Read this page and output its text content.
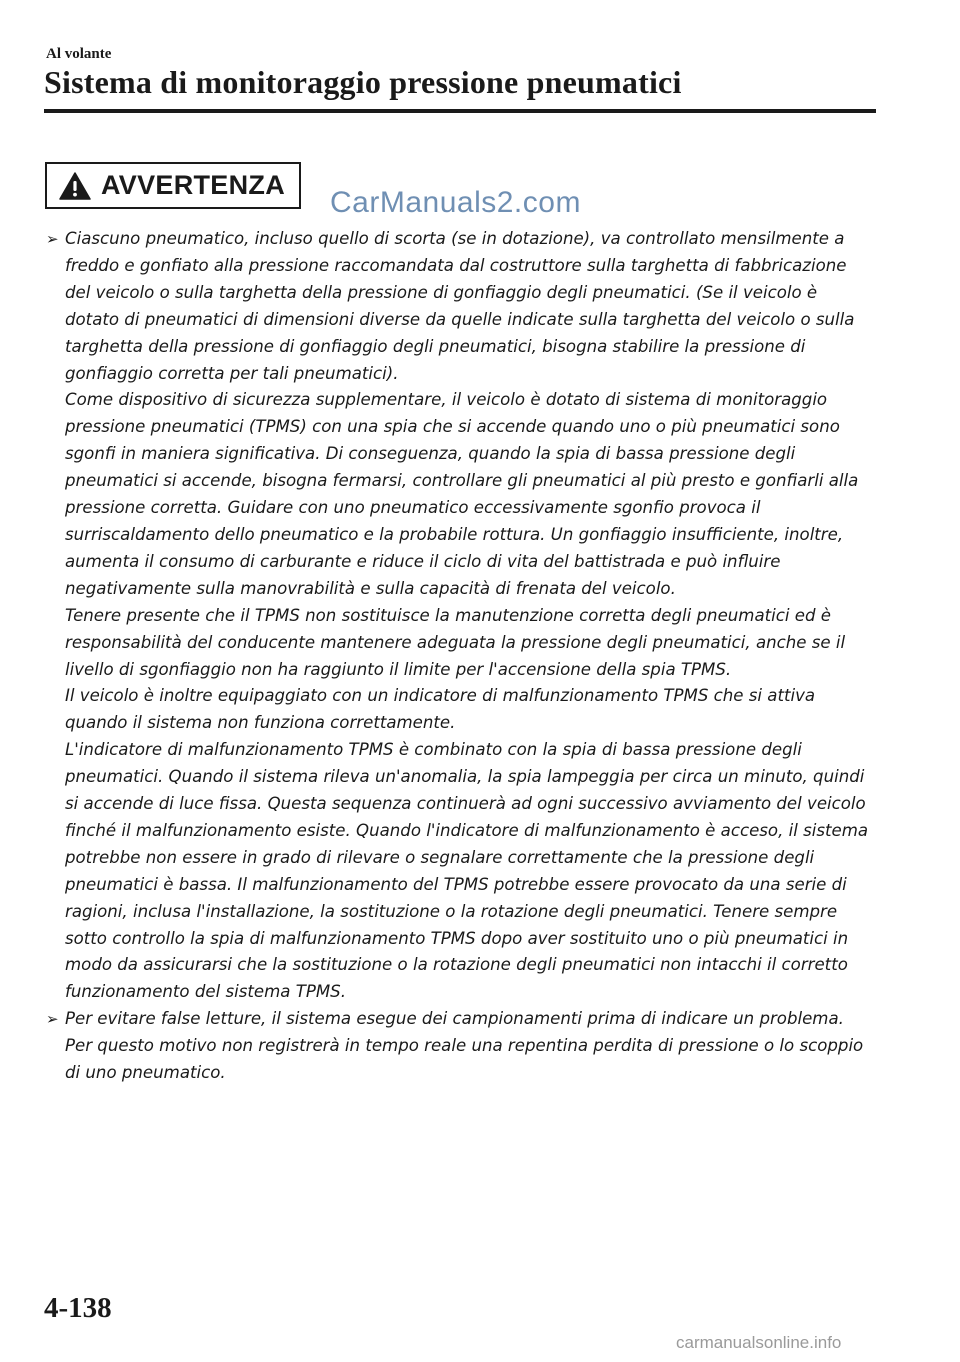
Al volante
Sistema di monitoraggio pressione pneumatici
AVVERTENZA
CarManuals2.com
➢ Ciascuno pneumatico, incluso quello di scorta (se in dotazione), va controllato mensilmente a freddo e gonfiato alla pressione raccomandata dal costruttore sulla targhetta di fabbricazione del veicolo o sulla targhetta della pressione di gonfiaggio degli pneumatici. (Se il veicolo è dotato di pneumatici di dimensioni diverse da quelle indicate sulla targhetta del veicolo o sulla targhetta della pressione di gonfiaggio degli pneumatici, bisogna stabilire la pressione di gonfiaggio corretta per tali pneumatici).

Come dispositivo di sicurezza supplementare, il veicolo è dotato di sistema di monitoraggio pressione pneumatici (TPMS) con una spia che si accende quando uno o più pneumatici sono sgonfi in maniera significativa. Di conseguenza, quando la spia di bassa pressione degli pneumatici si accende, bisogna fermarsi, controllare gli pneumatici al più presto e gonfiarli alla pressione corretta. Guidare con uno pneumatico eccessivamente sgonfio provoca il surriscaldamento dello pneumatico e la probabile rottura. Un gonfiaggio insufficiente, inoltre, aumenta il consumo di carburante e riduce il ciclo di vita del battistrada e può influire negativamente sulla manovrabilità e sulla capacità di frenata del veicolo.

Tenere presente che il TPMS non sostituisce la manutenzione corretta degli pneumatici ed è responsabilità del conducente mantenere adeguata la pressione degli pneumatici, anche se il livello di sgonfiaggio non ha raggiunto il limite per l'accensione della spia TPMS.

Il veicolo è inoltre equipaggiato con un indicatore di malfunzionamento TPMS che si attiva quando il sistema non funziona correttamente.

L'indicatore di malfunzionamento TPMS è combinato con la spia di bassa pressione degli pneumatici. Quando il sistema rileva un'anomalia, la spia lampeggia per circa un minuto, quindi si accende di luce fissa. Questa sequenza continuerà ad ogni successivo avviamento del veicolo finché il malfunzionamento esiste. Quando l'indicatore di malfunzionamento è acceso, il sistema potrebbe non essere in grado di rilevare o segnalare correttamente che la pressione degli pneumatici è bassa. Il malfunzionamento del TPMS potrebbe essere provocato da una serie di ragioni, inclusa l'installazione, la sostituzione o la rotazione degli pneumatici. Tenere sempre sotto controllo la spia di malfunzionamento TPMS dopo aver sostituito uno o più pneumatici in modo da assicurarsi che la sostituzione o la rotazione degli pneumatici non intacchi il corretto funzionamento del sistema TPMS.

➢ Per evitare false letture, il sistema esegue dei campionamenti prima di indicare un problema. Per questo motivo non registrerà in tempo reale una repentina perdita di pressione o lo scoppio di uno pneumatico.

4-138
carmanualsonline.info
